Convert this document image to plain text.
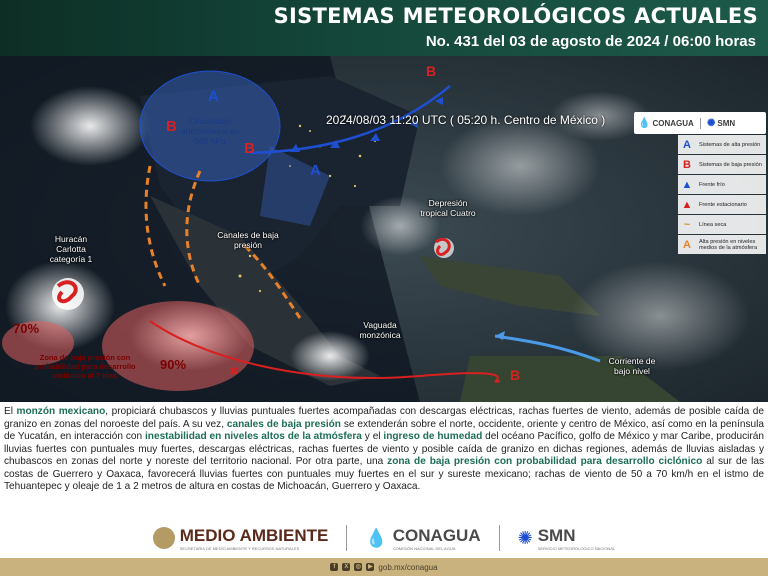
SISTEMAS METEOROLÓGICOS ACTUALES
No. 431 del 03 de agosto de 2024 / 06:00 horas
A
A
B
B
B
B
Circulación anticiclónica en 500 hPa
Canales de baja presión
Depresión tropical Cuatro
Huracán Carlotta categoría 1
Zona de baja presión con probabilidad para desarrollo ciclónico al 7 días
Vaguada monzónica
Corriente de bajo nivel
70%
90%
2024/08/03 11:20 UTC ( 05:20 h. Centro de México )	💧 CONAGUA ✺ SMN
A	Sistemas de alta presión
B	Sistemas de baja presión
▲ Frente frío
▲ Frente estacionario
~	Línea seca
A	Alta presión en niveles medios de la atmósfera
El monzón mexicano, propiciará chubascos y lluvias puntuales fuertes acompañadas con descargas eléctricas, rachas fuertes de viento, además de posible caída de granizo en zonas del noroeste del país. A su vez, canales de baja presión se extenderán sobre el norte, occidente, oriente y centro de México, así como en la península de Yucatán, en interacción con inestabilidad en niveles altos de la atmósfera y el ingreso de humedad del océano Pacífico, golfo de México y mar Caribe, producirán lluvias fuertes con puntuales muy fuertes, descargas eléctricas, rachas fuertes de viento y posible caída de granizo en dichas regiones, además de lluvias aisladas y chubascos en zonas del norte y noreste del territorio nacional. Por otra parte, una zona de baja presión con probabilidad para desarrollo ciclónico al sur de las costas de Guerrero y Oaxaca, favorecerá lluvias fuertes con puntuales muy fuertes en el sur y sureste mexicano; rachas de viento de 50 a 70 km/h en el istmo de Tehuantepec y oleaje de 1 a 2 metros de altura en costas de Michoacán, Guerrero y Oaxaca.
MEDIO AMBIENTE
SECRETARÍA DE MEDIO AMBIENTE Y RECURSOS NATURALES
💧 CONAGUA
COMISIÓN NACIONAL DEL AGUA
✺ SMN
SERVICIO METEOROLÓGICO NACIONAL
f	X	◎ ▶ gob.mx/conagua
